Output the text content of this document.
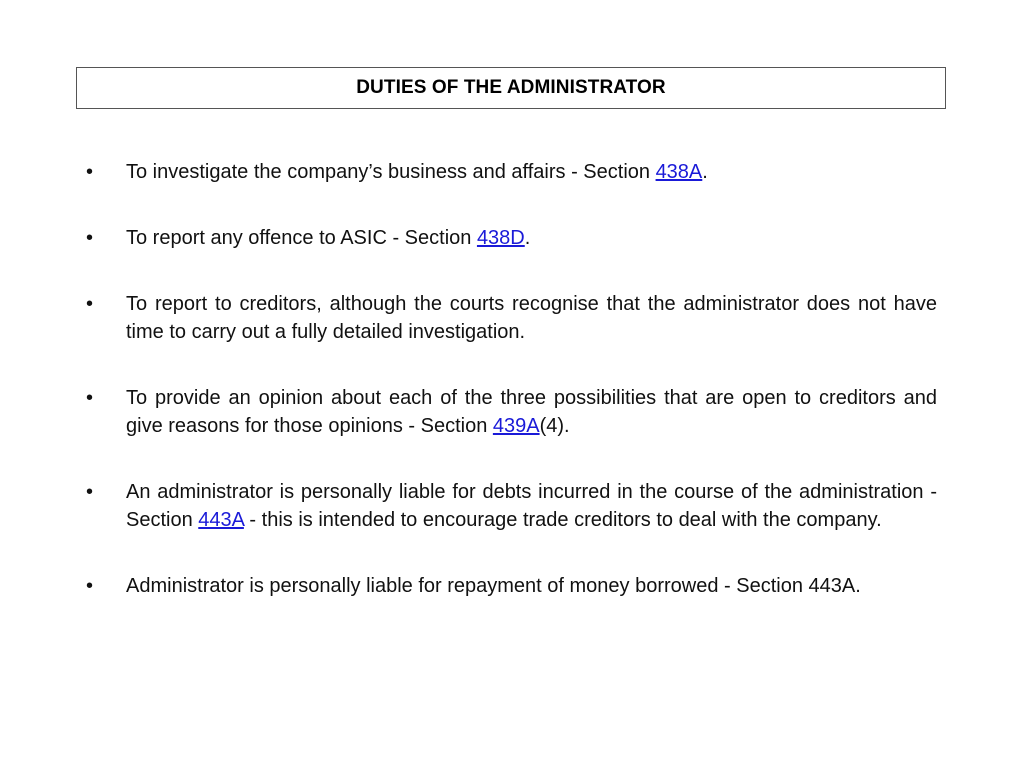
DUTIES OF THE ADMINISTRATOR
•	To investigate the company’s business and affairs - Section 438A.
•	To report any offence to ASIC - Section 438D.
•	To report to creditors, although the courts recognise that the administrator does not have time to carry out a fully detailed investigation.
•	To provide an opinion about each of the three possibilities that are open to creditors and give reasons for those opinions - Section 439A(4).
•	An administrator is personally liable for debts incurred in the course of the administration - Section 443A - this is intended to encourage trade creditors to deal with the company.
•	Administrator is personally liable for repayment of money borrowed - Section 443A.
